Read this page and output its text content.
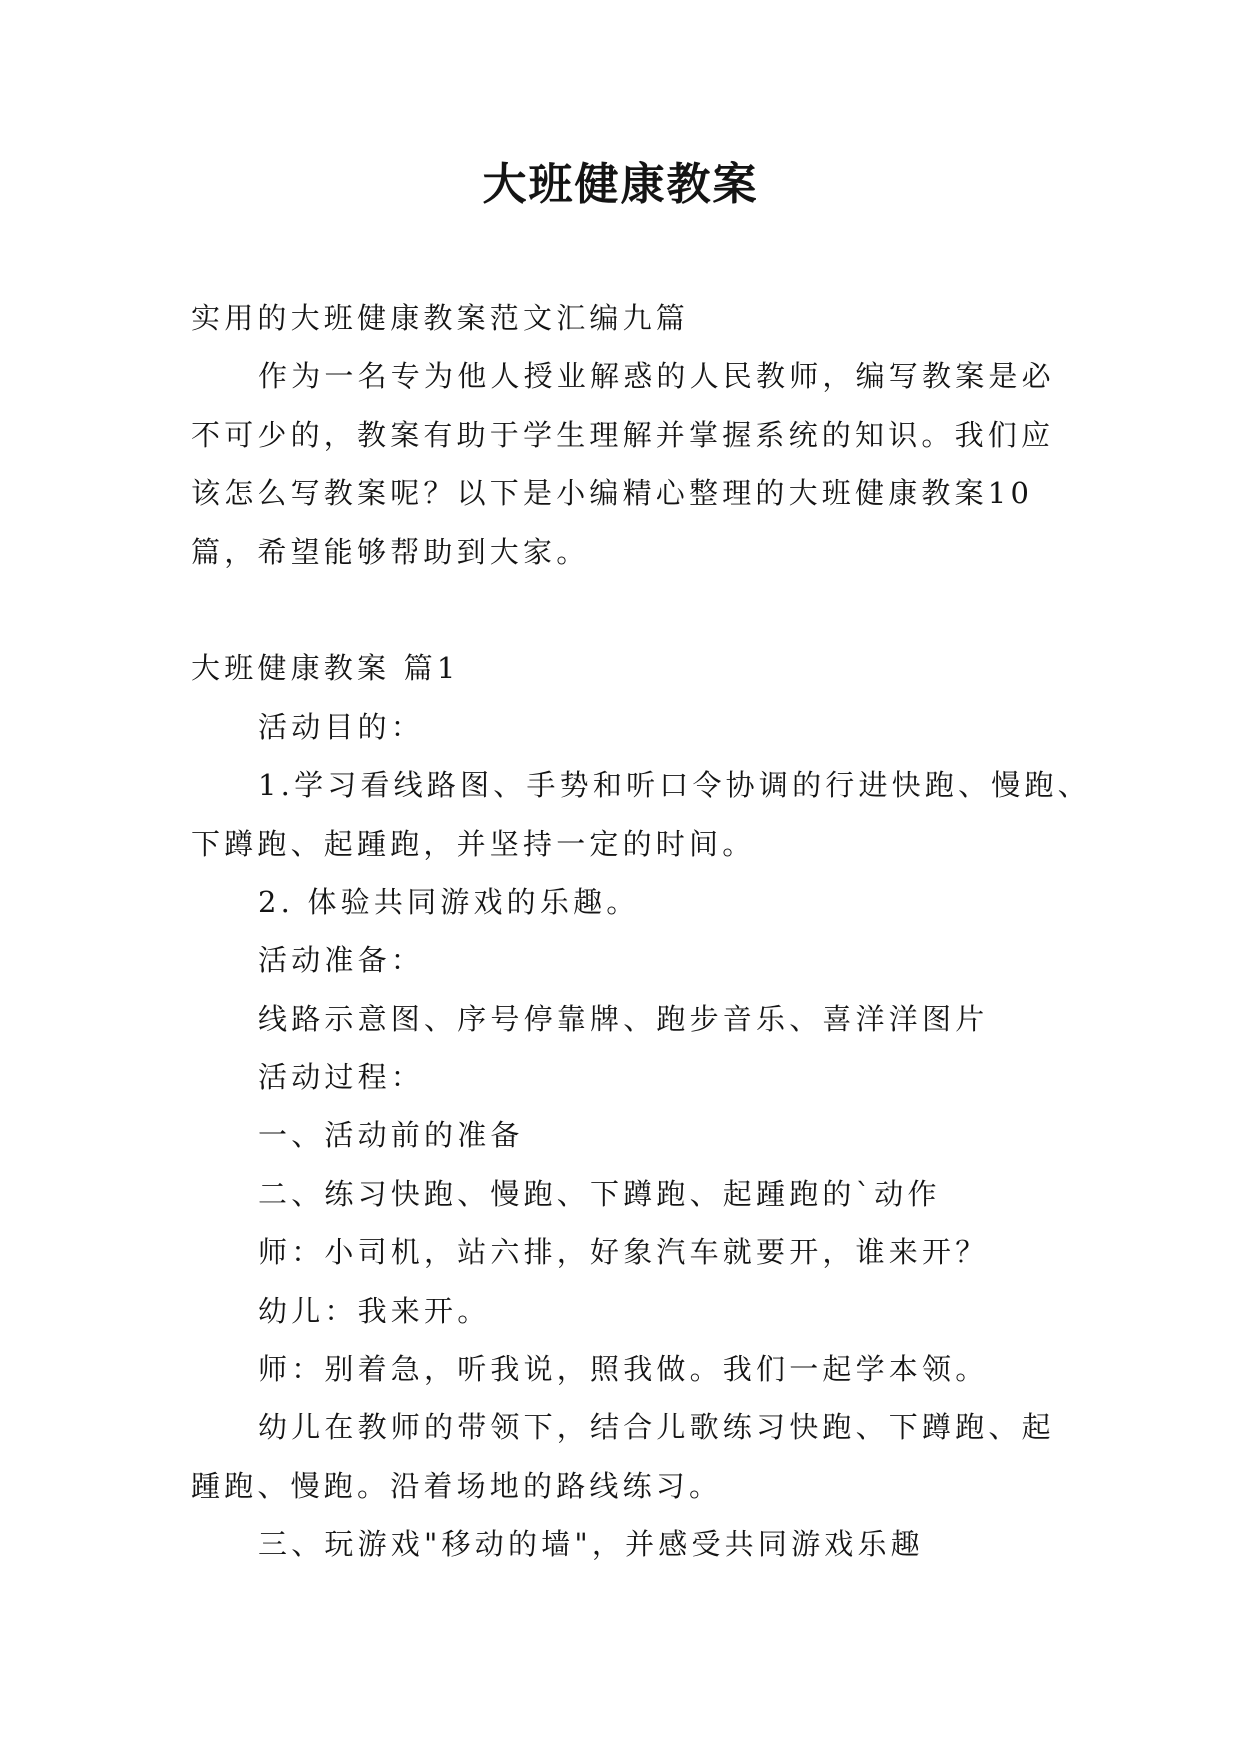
大班健康教案
实用的大班健康教案范文汇编九篇
作为一名专为他人授业解惑的人民教师，编写教案是必
不可少的，教案有助于学生理解并掌握系统的知识。我们应
该怎么写教案呢？以下是小编精心整理的大班健康教案10
篇，希望能够帮助到大家。
大班健康教案 篇1
活动目的：
1.学习看线路图、手势和听口令协调的行进快跑、慢跑、
下蹲跑、起踵跑，并坚持一定的时间。
2. 体验共同游戏的乐趣。
活动准备：
线路示意图、序号停靠牌、跑步音乐、喜洋洋图片
活动过程：
一、活动前的准备
二、练习快跑、慢跑、下蹲跑、起踵跑的`动作
师：小司机，站六排，好象汽车就要开，谁来开？
幼儿：我来开。
师：别着急，听我说，照我做。我们一起学本领。
幼儿在教师的带领下，结合儿歌练习快跑、下蹲跑、起
踵跑、慢跑。沿着场地的路线练习。
三、玩游戏"移动的墙"，并感受共同游戏乐趣
